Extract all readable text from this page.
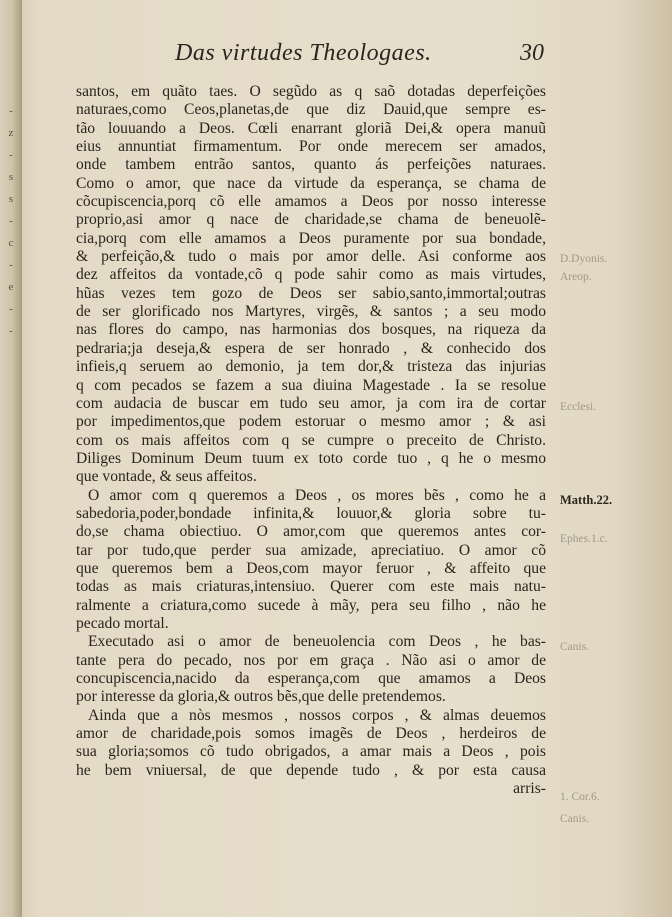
-
z
-
s
s
-
c
-
e
-
-
Das virtudes Theologaes.	30
santos, em quãto taes. O segũdo as q saõ dotadas deperfeições
naturaes,como Ceos,planetas,de que diz Dauid,que sempre es-
tão louuando a Deos. Cœli enarrant gloriã Dei,& opera manuũ
eius annuntiat firmamentum. Por onde merecem ser amados,
onde tambem entrão santos, quanto ás perfeições naturaes.
Como o amor, que nace da virtude da esperança, se chama de
cõcupiscencia,porq cõ elle amamos a Deos por nosso interesse
proprio,asi amor q nace de charidade,se chama de beneuolẽ-
cia,porq com elle amamos a Deos puramente por sua bondade,
& perfeição,& tudo o mais por amor delle. Asi conforme aos
dez affeitos da vontade,cõ q pode sahir como as mais virtudes,
hũas vezes tem gozo de Deos ser sabio,santo,immortal;outras
de ser glorificado nos Martyres, virgẽs, & santos ; a seu modo
nas flores do campo, nas harmonias dos bosques, na riqueza da
pedraria;ja deseja,& espera de ser honrado , & conhecido dos
infieis,q seruem ao demonio, ja tem dor,& tristeza das injurias
q com pecados se fazem a sua diuina Magestade . Ia se resolue
com audacia de buscar em tudo seu amor, ja com ira de cortar
por impedimentos,que podem estoruar o mesmo amor ; & asi
com os mais affeitos com q se cumpre o preceito de Christo.
Diliges Dominum Deum tuum ex toto corde tuo , q he o mesmo
que vontade, & seus affeitos.
O amor com q queremos a Deos , os mores bẽs , como he a
sabedoria,poder,bondade infinita,& louuor,& gloria sobre tu-
do,se chama obiectiuo. O amor,com que queremos antes cor-
tar por tudo,que perder sua amizade, apreciatiuo. O amor cõ
que queremos bem a Deos,com mayor feruor , & affeito que
todas as mais criaturas,intensiuo. Querer com este mais natu-
ralmente a criatura,como sucede à mãy, pera seu filho , não he
pecado mortal.
Executado asi o amor de beneuolencia com Deos , he bas-
tante pera do pecado, nos por em graça . Não asi o amor de
concupiscencia,nacido da esperança,com que amamos a Deos
por interesse da gloria,& outros bẽs,que delle pretendemos.
Ainda que a nòs mesmos , nossos corpos , & almas deuemos
amor de charidade,pois somos imagẽs de Deos , herdeiros de
sua gloria;somos cõ tudo obrigados, a amar mais a Deos , pois
he bem vniuersal, de que depende tudo , & por esta causa
arris-
D.Dyonis.
Areop.
Ecclesi.
Matth.22.
Ephes.1.c.
Canis.
1. Cor.6.
Canis.
